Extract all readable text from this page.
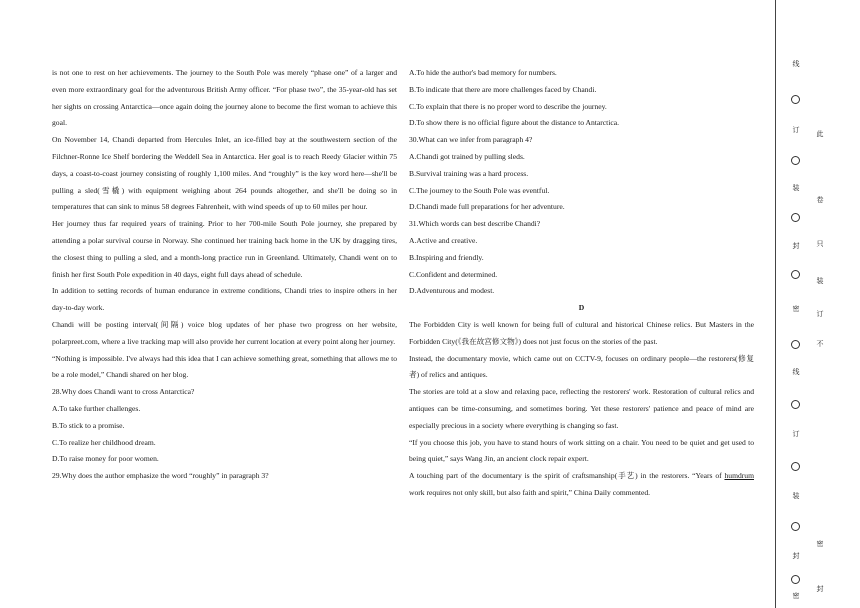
is not one to rest on her achievements. The journey to the South Pole was merely “phase one” of a larger and even more extraordinary goal for the adventurous British Army officer. “For phase two”, the 35-year-old has set her sights on crossing Antarctica—once again doing the journey alone to become the first woman to achieve this goal.

On November 14, Chandi departed from Hercules Inlet, an ice-filled bay at the southwestern section of the Filchner-Ronne Ice Shelf bordering the Weddell Sea in Antarctica. Her goal is to reach Reedy Glacier within 75 days, a coast-to-coast journey consisting of roughly 1,100 miles. And “roughly” is the key word here—she'll be pulling a sled(雪橇) with equipment weighing about 264 pounds altogether, and she'll be doing so in temperatures that can sink to minus 58 degrees Fahrenheit, with wind speeds of up to 60 miles per hour.

Her journey thus far required years of training. Prior to her 700-mile South Pole journey, she prepared by attending a polar survival course in Norway. She continued her training back home in the UK by dragging tires, the closest thing to pulling a sled, and a month-long practice run in Greenland. Ultimately, Chandi went on to finish her first South Pole expedition in 40 days, eight full days ahead of schedule.

In addition to setting records of human endurance in extreme conditions, Chandi tries to inspire others in her day-to-day work.

Chandi will be posting interval(间隔) voice blog updates of her phase two progress on her website, polarpreet.com, where a live tracking map will also provide her current location at every point along her journey.

“Nothing is impossible. I've always had this idea that I can achieve something great, something that allows me to be a role model,” Chandi shared on her blog.

28.Why does Chandi want to cross Antarctica?

A.To take further challenges.

B.To stick to a promise.

C.To realize her childhood dream.

D.To raise money for poor women.

29.Why does the author emphasize the word “roughly” in paragraph 3?

A.To hide the author's bad memory for numbers.

B.To indicate that there are more challenges faced by Chandi.

C.To explain that there is no proper word to describe the journey.

D.To show there is no official figure about the distance to Antarctica.

30.What can we infer from paragraph 4?

A.Chandi got trained by pulling sleds.

B.Survival training was a hard process.

C.The journey to the South Pole was eventful.

D.Chandi made full preparations for her adventure.

31.Which words can best describe Chandi?

A.Active and creative.

B.Inspiring and friendly.

C.Confident and determined.

D.Adventurous and modest.

D

The Forbidden City is well known for being full of cultural and historical Chinese relics. But Masters in the Forbidden City(《我在故宫修文物》) does not just focus on the stories of the past.

Instead, the documentary movie, which came out on CCTV-9, focuses on ordinary people—the restorers(修复者) of relics and antiques.

The stories are told at a slow and relaxing pace, reflecting the restorers' work. Restoration of cultural relics and antiques can be time-consuming, and sometimes boring. Yet these restorers' patience and peace of mind are especially precious in a society where everything is changing so fast.

“If you choose this job, you have to stand hours of work sitting on a chair. You need to be quiet and get used to being quiet,” says Wang Jin, an ancient clock repair expert.

A touching part of the documentary is the spirit of craftsmanship(手艺) in the restorers. “Years of humdrum work requires not only skill, but also faith and spirit,” China Daily commented.

线
订
装
封
密
线
订
装
封
密
此
卷
只
装
订
不
密
封
